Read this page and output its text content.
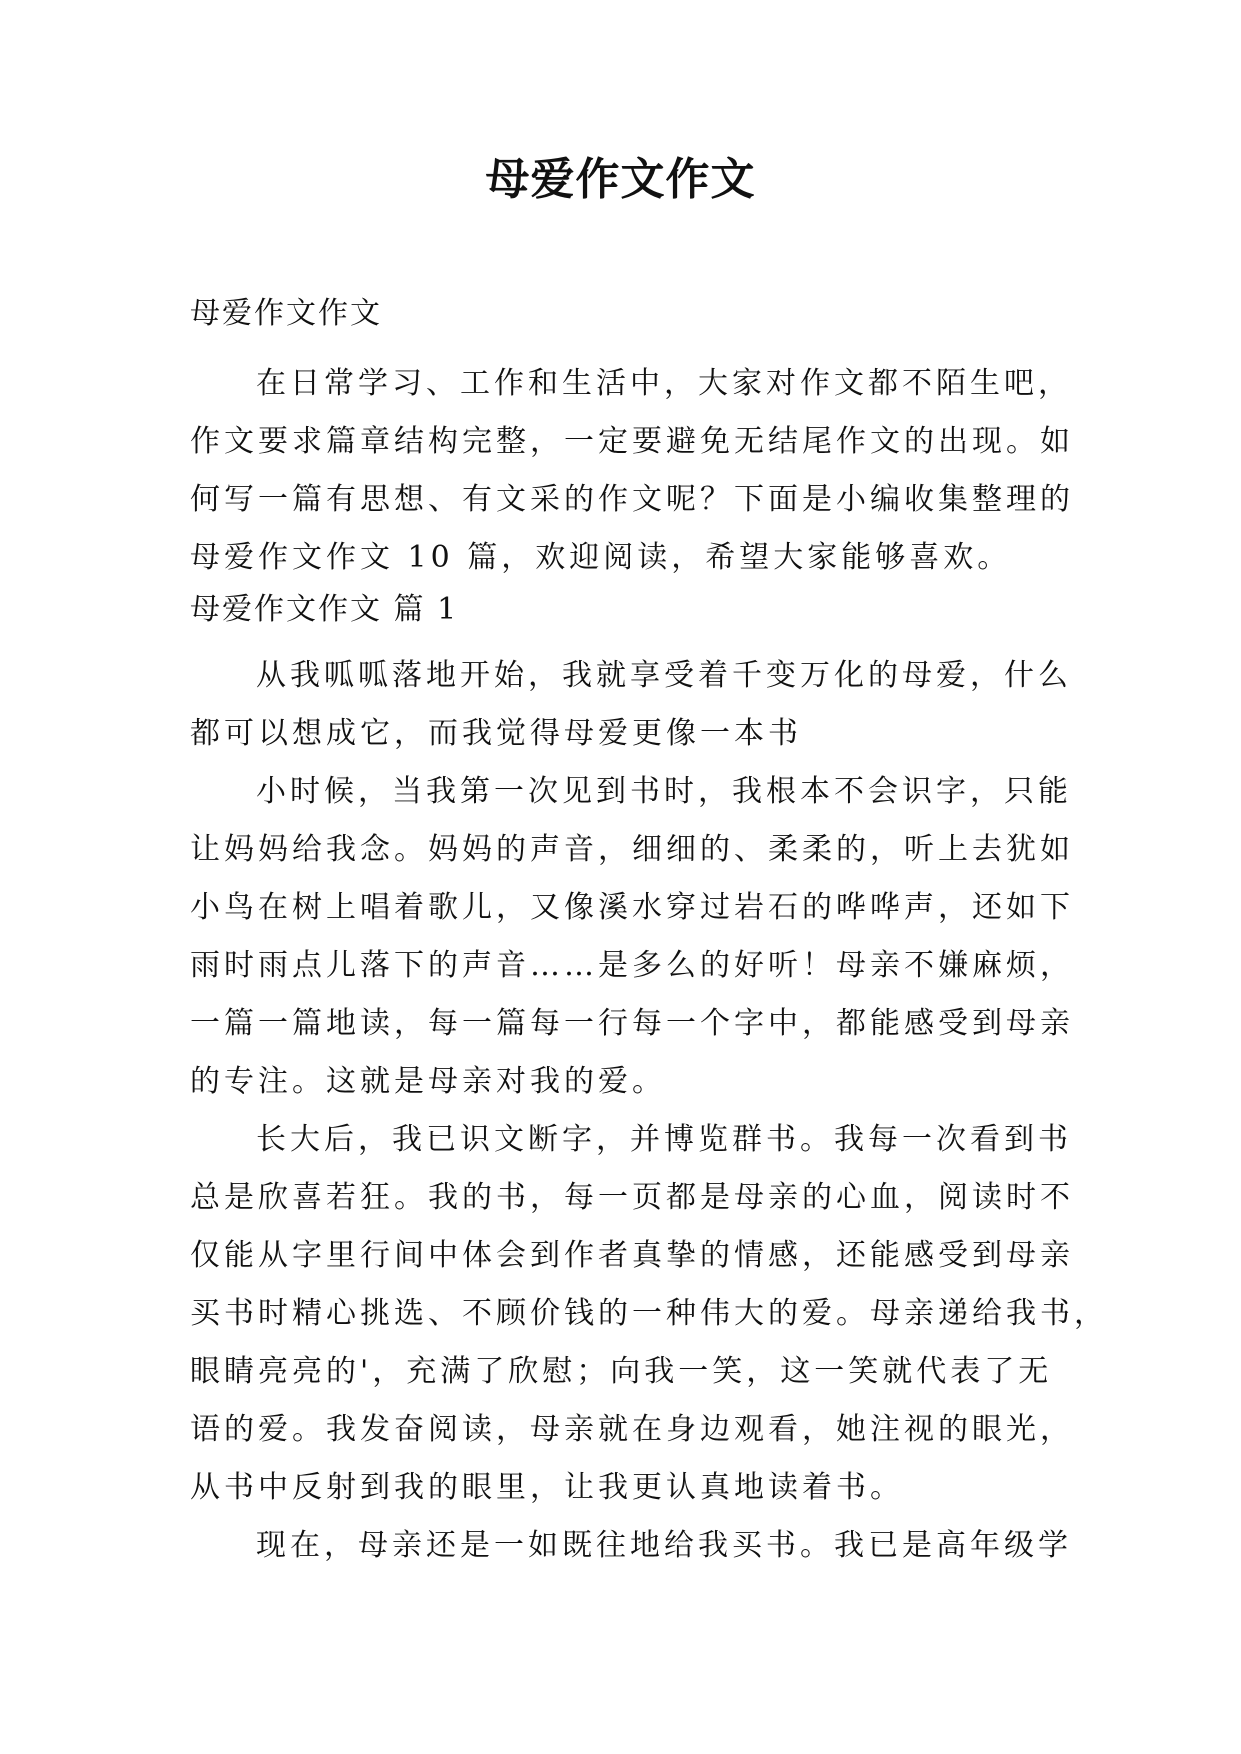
母爱作文作文

母爱作文作文

在日常学习、工作和生活中，大家对作文都不陌生吧，
作文要求篇章结构完整，一定要避免无结尾作文的出现。如
何写一篇有思想、有文采的作文呢？下面是小编收集整理的
母爱作文作文 10 篇，欢迎阅读，希望大家能够喜欢。

母爱作文作文 篇 1

从我呱呱落地开始，我就享受着千变万化的母爱，什么
都可以想成它，而我觉得母爱更像一本书

小时候，当我第一次见到书时，我根本不会识字，只能
让妈妈给我念。妈妈的声音，细细的、柔柔的，听上去犹如
小鸟在树上唱着歌儿，又像溪水穿过岩石的哗哗声，还如下
雨时雨点儿落下的声音……是多么的好听！母亲不嫌麻烦，
一篇一篇地读，每一篇每一行每一个字中，都能感受到母亲
的专注。这就是母亲对我的爱。

长大后，我已识文断字，并博览群书。我每一次看到书
总是欣喜若狂。我的书，每一页都是母亲的心血，阅读时不
仅能从字里行间中体会到作者真挚的情感，还能感受到母亲
买书时精心挑选、不顾价钱的一种伟大的爱。母亲递给我书，
眼睛亮亮的'，充满了欣慰；向我一笑，这一笑就代表了无
语的爱。我发奋阅读，母亲就在身边观看，她注视的眼光，
从书中反射到我的眼里，让我更认真地读着书。

现在，母亲还是一如既往地给我买书。我已是高年级学
